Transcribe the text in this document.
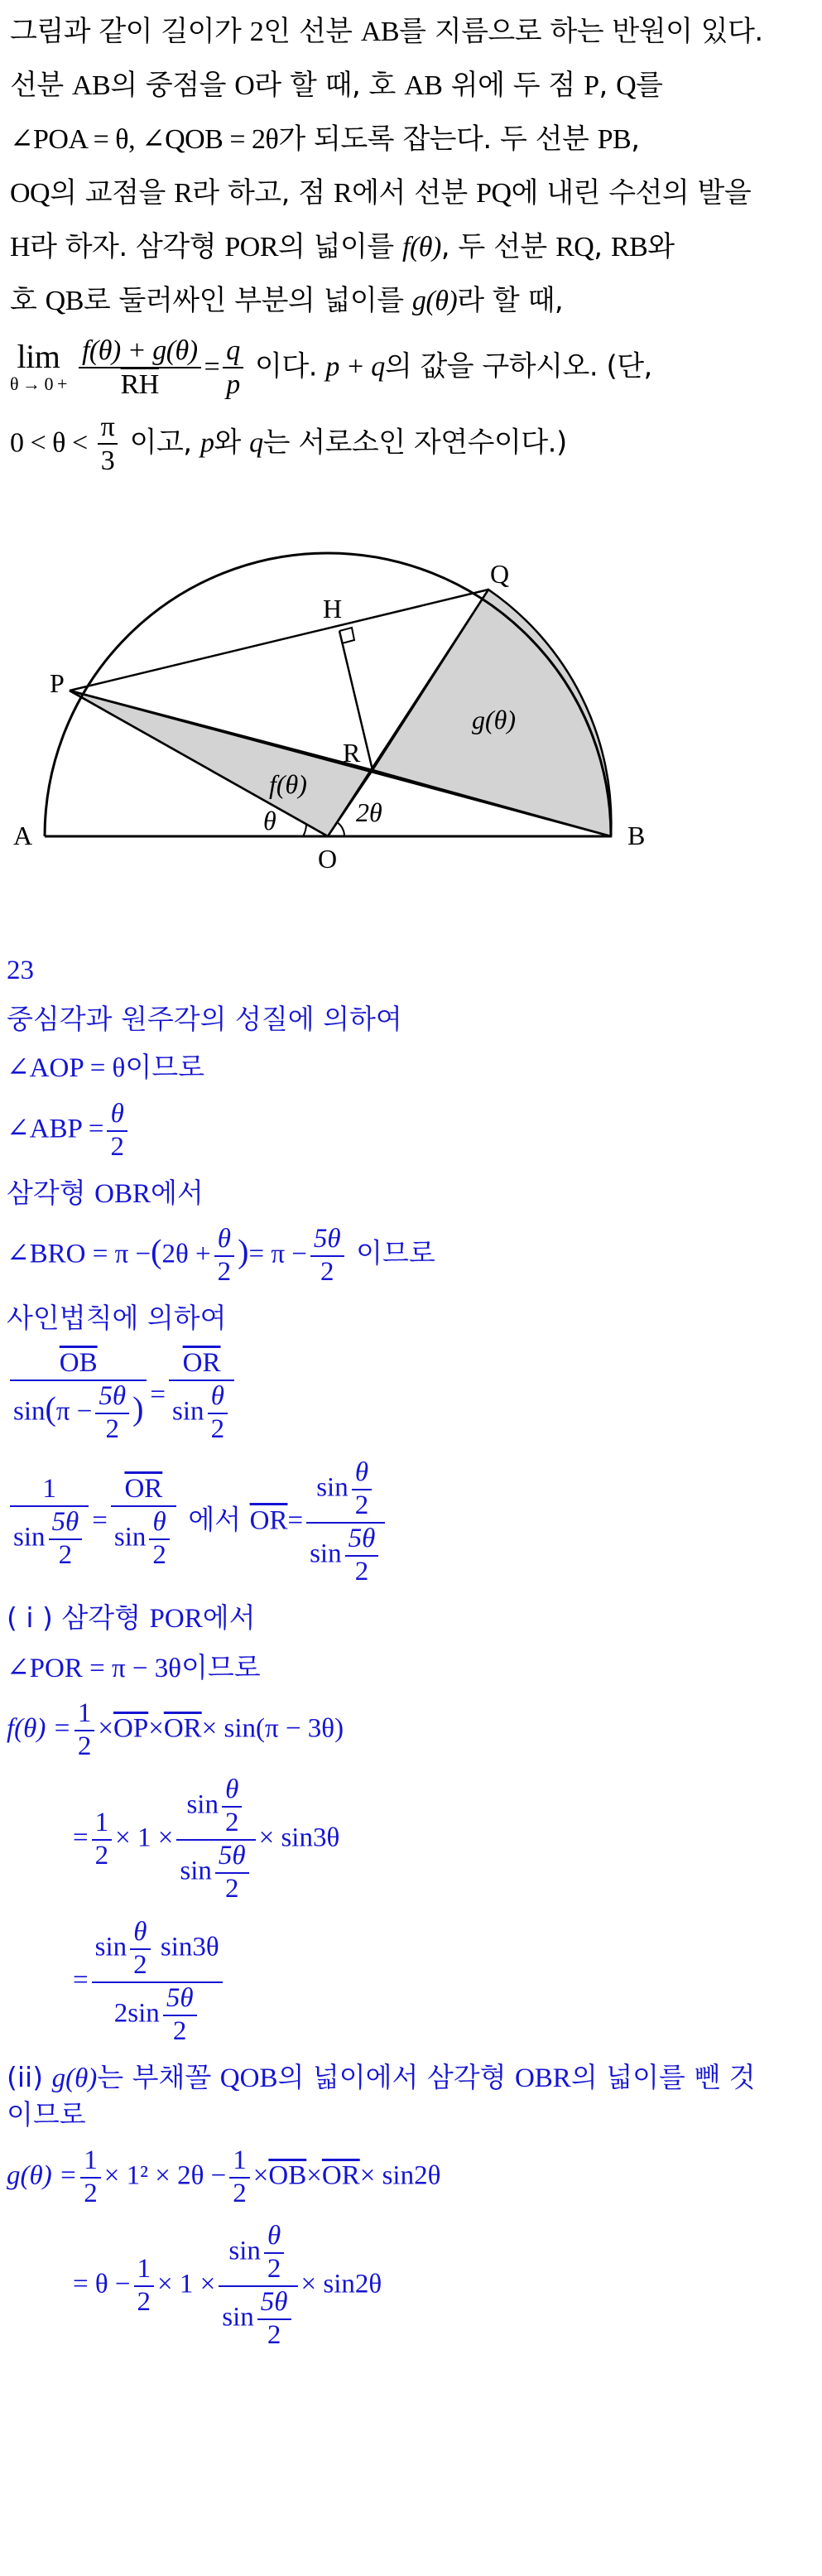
그림과 같이 길이가 2인 선분 AB를 지름으로 하는 반원이 있다.
선분 AB의 중점을 O라 할 때, 호 AB 위에 두 점 P, Q를
∠POA = θ, ∠QOB = 2θ가 되도록 잡는다. 두 선분 PB,
OQ의 교점을 R라 하고, 점 R에서 선분 PQ에 내린 수선의 발을
H라 하자. 삼각형 POR의 넓이를 f(θ), 두 선분 RQ, RB와
호 QB로 둘러싸인 부분의 넓이를 g(θ)라 할 때,
lim
$\theta \to 0 + \frac{f(\theta) + g(\theta)}{RH} = \frac{q}{p}$ 이다. p + q의 값을 구하시오. (단,
$0 < \theta < \frac{\pi}{3}$ 이고, p와 q는 서로소인 자연수이다.)
A	B
O
P
Q
R
H
f(θ)
g(θ)
θ	2θ
23
중심각과 원주각의 성질에 의하여
∠AOP = θ이므로
∠ABP = $\frac{\theta}{2}$
삼각형 OBR에서
∠BRO = $\pi -(2\theta + \frac{\theta}{2}$ )= $\pi - \frac{5\theta}{2}$ 이므로
사인법칙에 의하여
$\frac{\overline{OB}}{\sin(\pi - \frac{5\theta}{2} )} = \frac{\overline{OR}}{\sin \frac{\theta}{2}}$
$\frac{1}{\sin \frac{5\theta}{2}} = \frac{\overline{OR}}{\sin \frac{\theta}{2}}$ 에서 $\overline{OR}= \frac{\sin \frac{\theta}{2}}{\sin \frac{5\theta}{2}}$
( i ) 삼각형 POR에서
∠POR = π − 3θ이므로
$f(\theta) = \frac{1}{2} \times\overline{OP}\times\overline{OR}\times \sin(\pi - 3\theta)$
= $\frac{1}{2} \times 1 \times \frac{\sin \frac{\theta}{2}}{\sin \frac{5\theta}{2}} \times \sin 3\theta$
= $\frac{\sin \frac{\theta}{2} \sin 3\theta}{2\sin \frac{5\theta}{2}}$
(ii) g(θ)는 부채꼴 QOB의 넓이에서 삼각형 OBR의 넓이를 뺀 것
이므로
$g(\theta) = \frac{1}{2} \times 1^2 \times 2\theta - \frac{1}{2} \times\overline{OB}\times\overline{OR}\times \sin 2\theta$
= $\theta - \frac{1}{2} \times 1 \times \frac{\sin \frac{\theta}{2}}{\sin \frac{5\theta}{2}} \times \sin 2\theta$
